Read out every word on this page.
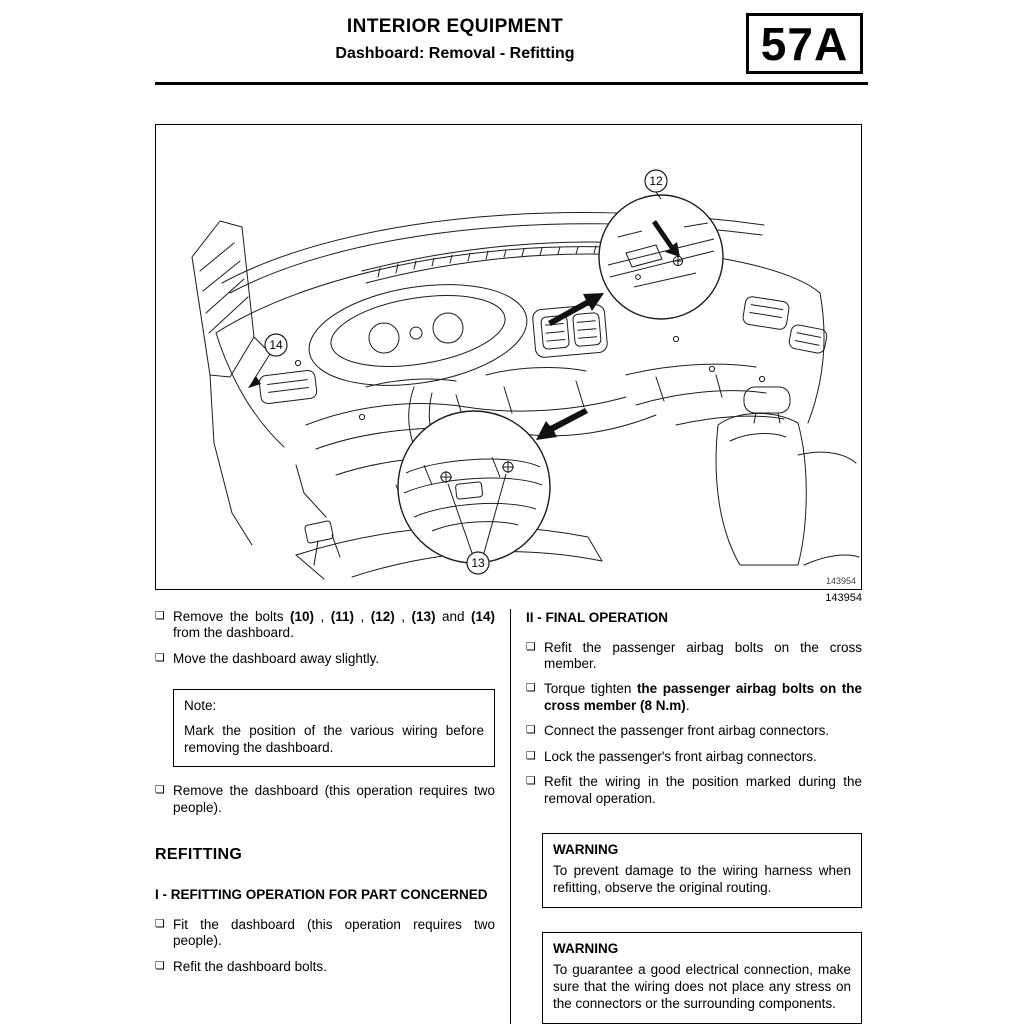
INTERIOR EQUIPMENT
Dashboard: Removal - Refitting	57A
12
13
14
143954
143954
❏ Remove the bolts (10) , (11) , (12) , (13) and (14) from the dashboard.

❏ Move the dashboard away slightly.

Note:

Mark the position of the various wiring before removing the dashboard.

❏ Remove the dashboard (this operation requires two people).

REFITTING
I - REFITTING OPERATION FOR PART CONCERNED
❏ Fit the dashboard (this operation requires two people).

❏ Refit the dashboard bolts.

II - FINAL OPERATION
❏ Refit the passenger airbag bolts on the cross member.

❏ Torque tighten the passenger airbag bolts on the cross member (8 N.m).

❏ Connect the passenger front airbag connectors.

❏ Lock the passenger's front airbag connectors.

❏ Refit the wiring in the position marked during the removal operation.

WARNING

To prevent damage to the wiring harness when refitting, observe the original routing.

WARNING

To guarantee a good electrical connection, make sure that the wiring does not place any stress on the connectors or the surrounding components.
